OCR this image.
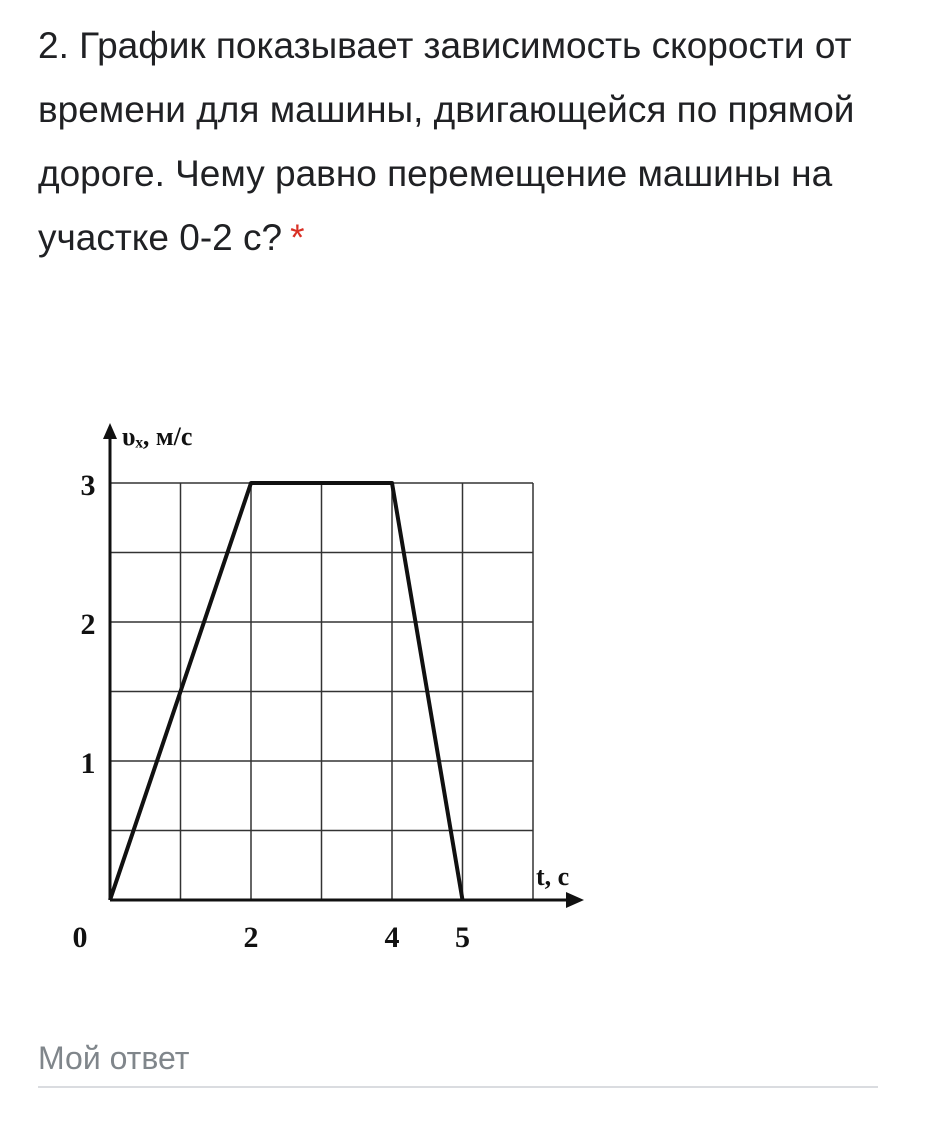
2. График показывает зависимость скорости от времени для машины, двигающейся по прямой дороге. Чему равно перемещение машины на участке 0-2 с? *
υₓ, м/с
t, с
0	2	4 5
1
2
3
Мой ответ
